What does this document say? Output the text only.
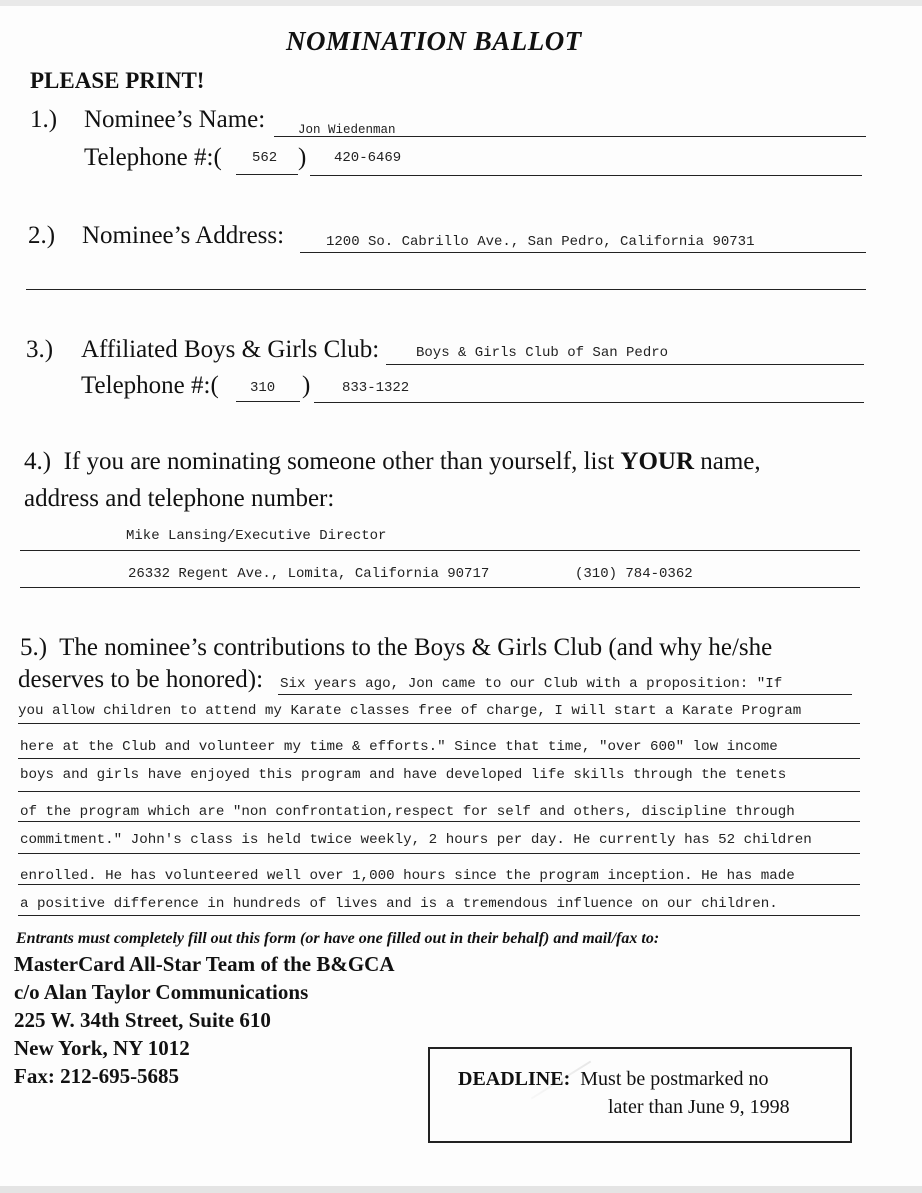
NOMINATION BALLOT
PLEASE PRINT!
1.) Nominee’s Name:	Jon Wiedenman
Telephone #:( 562 ) 420-6469
2.) Nominee’s Address:	1200 So. Cabrillo Ave., San Pedro, California 90731
3.) Affiliated Boys & Girls Club:	Boys & Girls Club of San Pedro
Telephone #:( 310 ) 833-1322
4.) If you are nominating someone other than yourself, list YOUR name,
address and telephone number:
Mike Lansing/Executive Director
26332 Regent Ave., Lomita, California 90717	(310) 784-0362
5.) The nominee’s contributions to the Boys & Girls Club (and why he/she
deserves to be honored): Six years ago, Jon came to our Club with a proposition: "If
you allow children to attend my Karate classes free of charge, I will start a Karate Program
here at the Club and volunteer my time & efforts." Since that time, "over 600" low income
boys and girls have enjoyed this program and have developed life skills through the tenets
of the program which are "non confrontation,respect for self and others, discipline through
commitment." John's class is held twice weekly, 2 hours per day. He currently has 52 children
enrolled. He has volunteered well over 1,000 hours since the program inception. He has made
a positive difference in hundreds of lives and is a tremendous influence on our children.
Entrants must completely fill out this form (or have one filled out in their behalf) and mail/fax to:
MasterCard All-Star Team of the B&GCA
c/o Alan Taylor Communications
225 W. 34th Street, Suite 610
New York, NY 1012
Fax: 212-695-5685	DEADLINE: Must be postmarked no
later than June 9, 1998
